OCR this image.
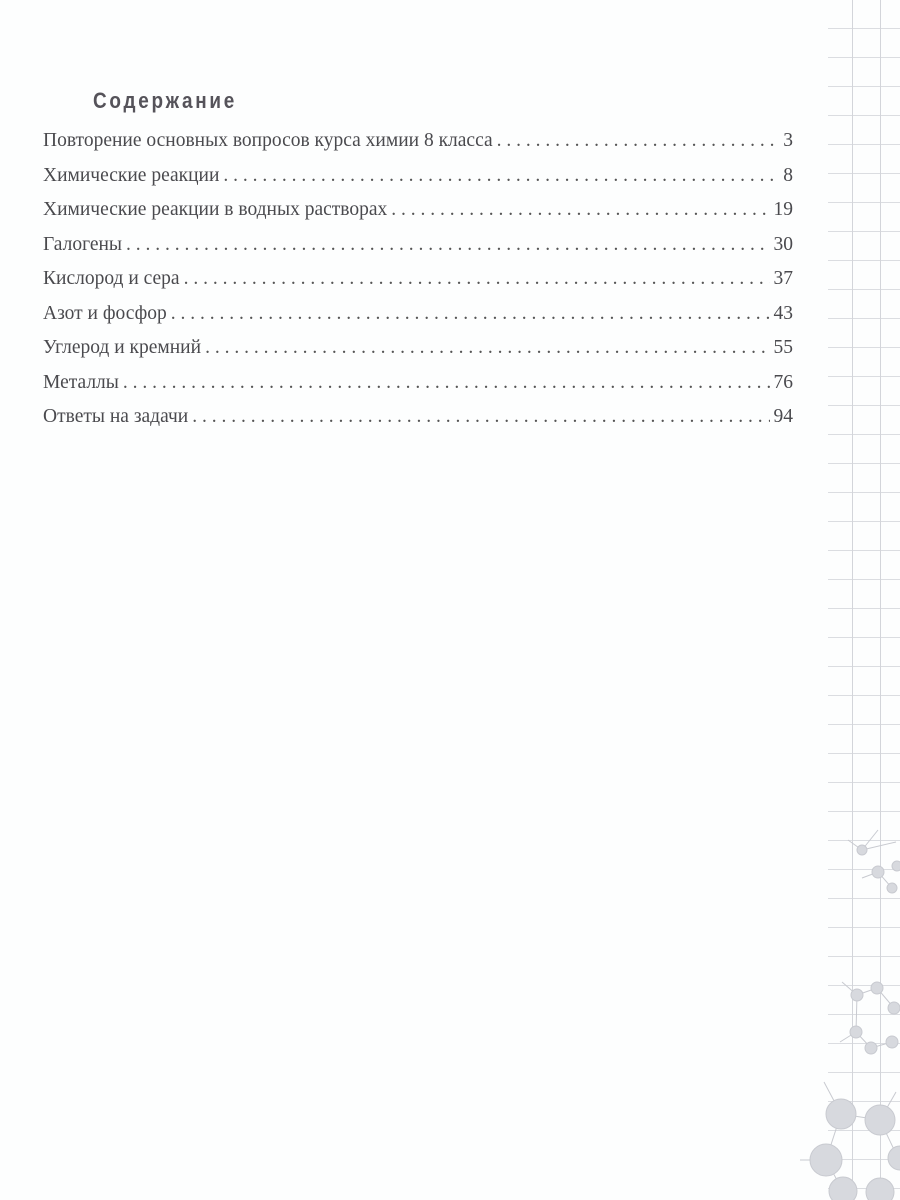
Содержание
Повторение основных вопросов курса химии 8 класса . . .	3
Химические реакции . . .	8
Химические реакции в водных растворах . . .	19
Галогены . . .	30
Кислород и сера . . .	37
Азот и фосфор . . .	43
Углерод и кремний . . .	55
Металлы . . .	76
Ответы на задачи . . .	94
